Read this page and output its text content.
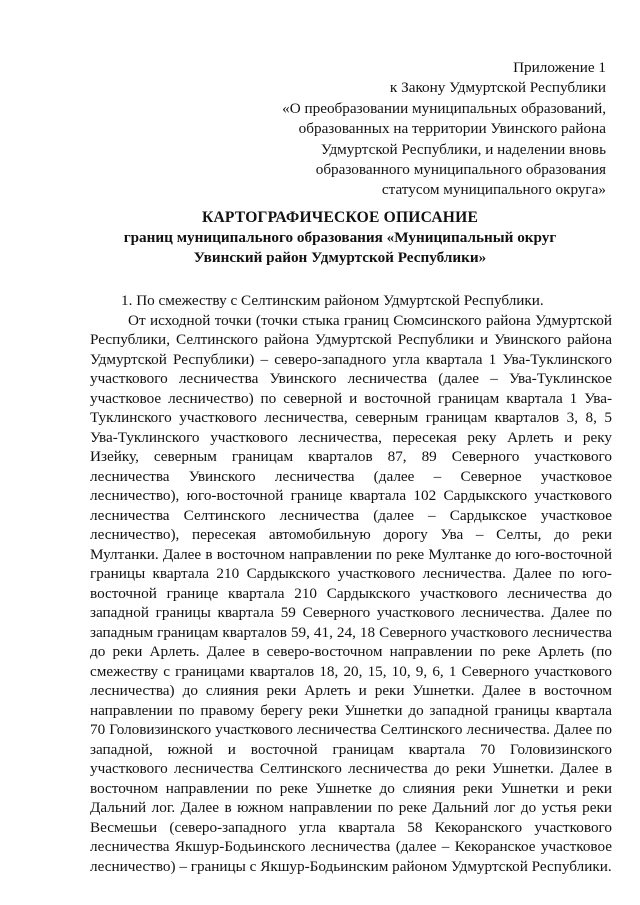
Приложение 1
к Закону Удмуртской Республики
«О преобразовании муниципальных образований,
образованных на территории Увинского района
Удмуртской Республики, и наделении вновь
образованного муниципального образования
статусом муниципального округа»
КАРТОГРАФИЧЕСКОЕ ОПИСАНИЕ
границ муниципального образования «Муниципальный округ
Увинский район Удмуртской Республики»

1. По смежеству с Селтинским районом Удмуртской Республики.

От исходной точки (точки стыка границ Сюмсинского района Удмуртской Республики, Селтинского района Удмуртской Республики и Увинского района Удмуртской Республики) – северо-западного угла квартала 1 Ува-Туклинского участкового лесничества Увинского лесничества (далее – Ува-Туклинское участковое лесничество) по северной и восточной границам квартала 1 Ува-Туклинского участкового лесничества, северным границам кварталов 3, 8, 5 Ува-Туклинского участкового лесничества, пересекая реку Арлеть и реку Изейку, северным границам кварталов 87, 89 Северного участкового лесничества Увинского лесничества (далее – Северное участковое лесничество), юго-восточной границе квартала 102 Сардыкского участкового лесничества Селтинского лесничества (далее – Сардыкское участковое лесничество), пересекая автомобильную дорогу Ува – Селты, до реки Мултанки. Далее в восточном направлении по реке Мултанке до юго-восточной границы квартала 210 Сардыкского участкового лесничества. Далее по юго-восточной границе квартала 210 Сардыкского участкового лесничества до западной границы квартала 59 Северного участкового лесничества. Далее по западным границам кварталов 59, 41, 24, 18 Северного участкового лесничества до реки Арлеть. Далее в северо-восточном направлении по реке Арлеть (по смежеству с границами кварталов 18, 20, 15, 10, 9, 6, 1 Северного участкового лесничества) до слияния реки Арлеть и реки Ушнетки. Далее в восточном направлении по правому берегу реки Ушнетки до западной границы квартала 70 Головизинского участкового лесничества Селтинского лесничества. Далее по западной, южной и восточной границам квартала 70 Головизинского участкового лесничества Селтинского лесничества до реки Ушнетки. Далее в восточном направлении по реке Ушнетке до слияния реки Ушнетки и реки Дальний лог. Далее в южном направлении по реке Дальний лог до устья реки Весмешьи (северо-западного угла квартала 58 Кекоранского участкового лесничества Якшур-Бодьинского лесничества (далее – Кекоранское участковое лесничество) – границы с Якшур-Бодьинским районом Удмуртской Республики.
